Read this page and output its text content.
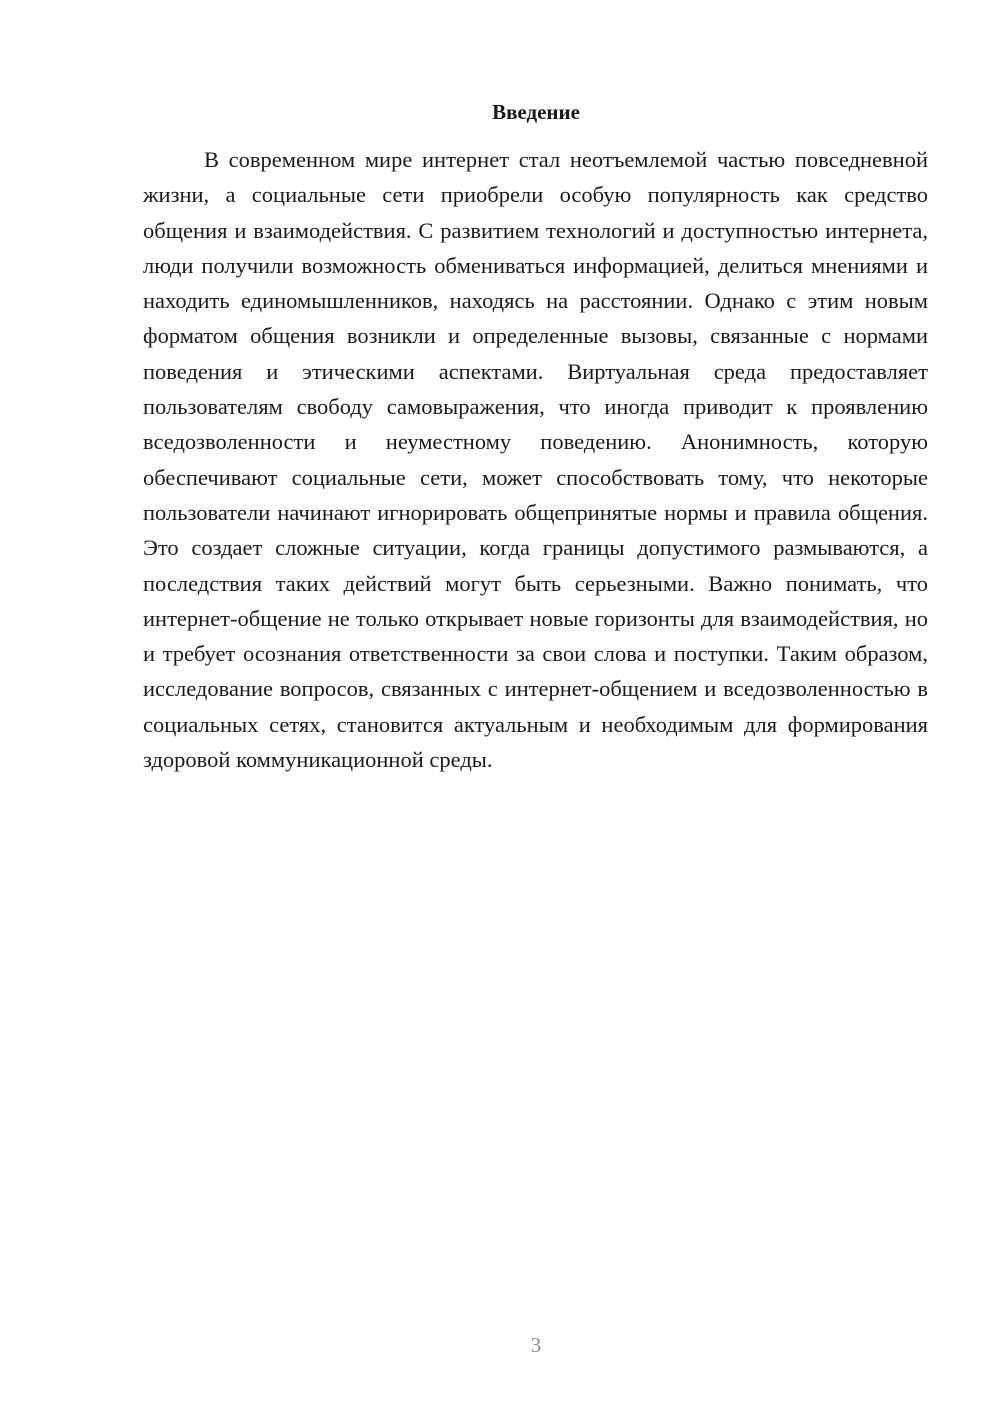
Введение

В современном мире интернет стал неотъемлемой частью повседневной жизни, а социальные сети приобрели особую популярность как средство общения и взаимодействия. С развитием технологий и доступностью интернета, люди получили возможность обмениваться информацией, делиться мнениями и находить единомышленников, находясь на расстоянии. Однако с этим новым форматом общения возникли и определенные вызовы, связанные с нормами поведения и этическими аспектами. Виртуальная среда предоставляет пользователям свободу самовыражения, что иногда приводит к проявлению вседозволенности и неуместному поведению. Анонимность, которую обеспечивают социальные сети, может способствовать тому, что некоторые пользователи начинают игнорировать общепринятые нормы и правила общения. Это создает сложные ситуации, когда границы допустимого размываются, а последствия таких действий могут быть серьезными. Важно понимать, что интернет-общение не только открывает новые горизонты для взаимодействия, но и требует осознания ответственности за свои слова и поступки. Таким образом, исследование вопросов, связанных с интернет-общением и вседозволенностью в социальных сетях, становится актуальным и необходимым для формирования здоровой коммуникационной среды.

3
